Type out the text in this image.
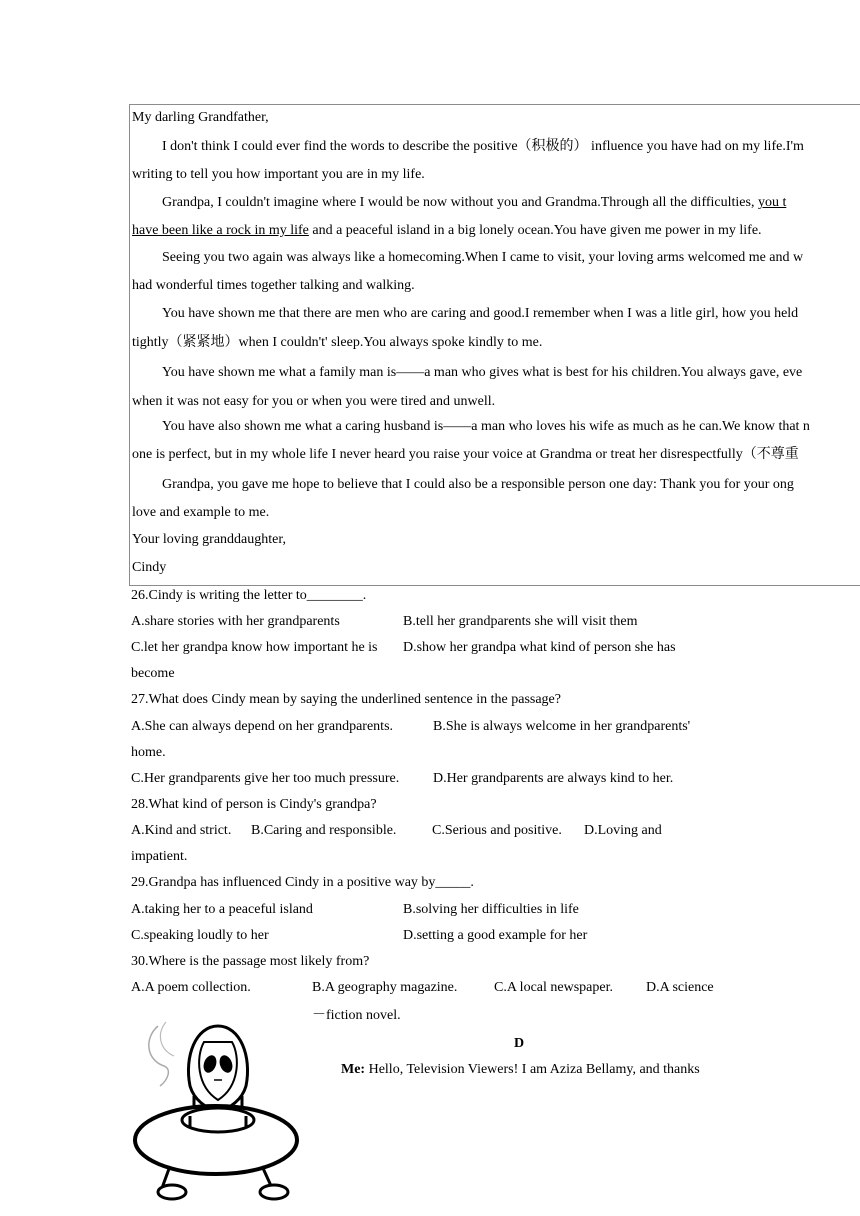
My darling Grandfather,
I don't think I could ever find the words to describe the positive（积极的） influence you have had on my life.I'm
writing to tell you how important you are in my life.
Grandpa, I couldn't imagine where I would be now without you and Grandma.Through all the difficulties, you t
have been like a rock in my life and a peaceful island in a big lonely ocean.You have given me power in my life.
Seeing you two again was always like a homecoming.When I came to visit, your loving arms welcomed me and w
had wonderful times together talking and walking.
You have shown me that there are men who are caring and good.I remember when I was a litle girl, how you held
tightly（紧紧地）when I couldn't' sleep.You always spoke kindly to me.
You have shown me what a family man is——a man who gives what is best for his children.You always gave, eve
when it was not easy for you or when you were tired and unwell.
You have also shown me what a caring husband is——a man who loves his wife as much as he can.We know that n
one is perfect, but in my whole life I never heard you raise your voice at Grandma or treat her disrespectfully（不尊重
Grandpa, you gave me hope to believe that I could also be a responsible person one day: Thank you for your ong
love and example to me.
Your loving granddaughter,
Cindy
26.Cindy is writing the letter to________.
A.share stories with her grandparents	B.tell her grandparents she will visit them
C.let her grandpa know how important he is D.show her grandpa what kind of person she has
become
27.What does Cindy mean by saying the underlined sentence in the passage?
A.She can always depend on her grandparents.	B.She is always welcome in her grandparents'
home.
C.Her grandparents give her too much pressure. D.Her grandparents are always kind to her.
28.What kind of person is Cindy's grandpa?
A.Kind and strict. B.Caring and responsible.	C.Serious and positive. D.Loving and
impatient.
29.Grandpa has influenced Cindy in a positive way by_____.
A.taking her to a peaceful island	B.solving her difficulties in life
C.speaking loudly to her	D.setting a good example for her
30.Where is the passage most likely from?
A.A poem collection.	B.A geography magazine.	C.A local newspaper. D.A science
－fiction novel.
D
Me: Hello, Television Viewers! I am Aziza Bellamy, and thanks
